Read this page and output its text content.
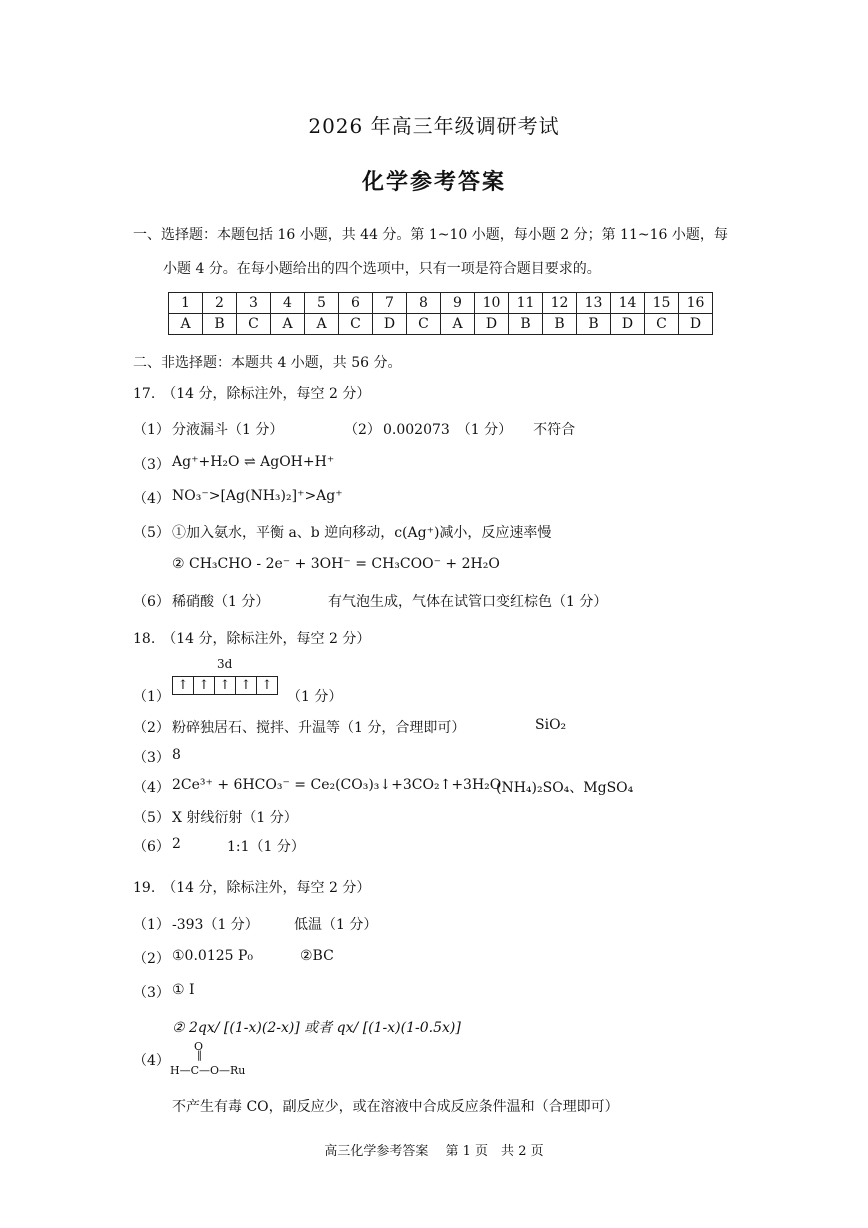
2026 年高三年级调研考试
化学参考答案
一、选择题：本题包括 16 小题，共 44 分。第 1~10 小题，每小题 2 分；第 11~16 小题，每
小题 4 分。在每小题给出的四个选项中，只有一项是符合题目要求的。
1	2	3	4	5	6	7	8	9	10	11	12	13	14	15	16
A	B	C	A	A	C	D	C	A	D	B	B	B	D	C	D
二、非选择题：本题共 4 小题，共 56 分。
17.　（14 分，除标注外，每空 2 分）
（1） 分液漏斗（1 分）	（2） 0.002073　（1 分）　　不符合
（3） Ag⁺+H₂O ⇌ AgOH+H⁺
（4） NO₃⁻>[Ag(NH₃)₂]⁺>Ag⁺
（5） ①加入氨水，平衡 a、b 逆向移动，c(Ag⁺)减小，反应速率慢
② CH₃CHO - 2e⁻ + 3OH⁻ = CH₃COO⁻ + 2H₂O
（6） 稀硝酸（1 分）	有气泡生成，气体在试管口变红棕色（1 分）
18.　（14 分，除标注外，每空 2 分）
3d
（1）
↑ ↑ ↑ ↑ ↑
（1 分）
（2） 粉碎独居石、搅拌、升温等（1 分，合理即可）	SiO₂
（3） 8
（4） 2Ce³⁺ + 6HCO₃⁻ = Ce₂(CO₃)₃↓+3CO₂↑+3H₂O
(NH₄)₂SO₄、MgSO₄
（5） X 射线衍射（1 分）
（6） 2	1:1（1 分）
19.　（14 分，除标注外，每空 2 分）
（1） -393（1 分）	低温（1 分）
（2） ①0.0125 P₀	②BC
（3） ① I
② 2qx/ [(1-x)(2-x)] 或者 qx/ [(1-x)(1-0.5x)]
（4）
O
‖
H—C—O—Ru
不产生有毒 CO，副反应少，或在溶液中合成反应条件温和（合理即可）
高三化学参考答案　 第 1 页　共 2 页
